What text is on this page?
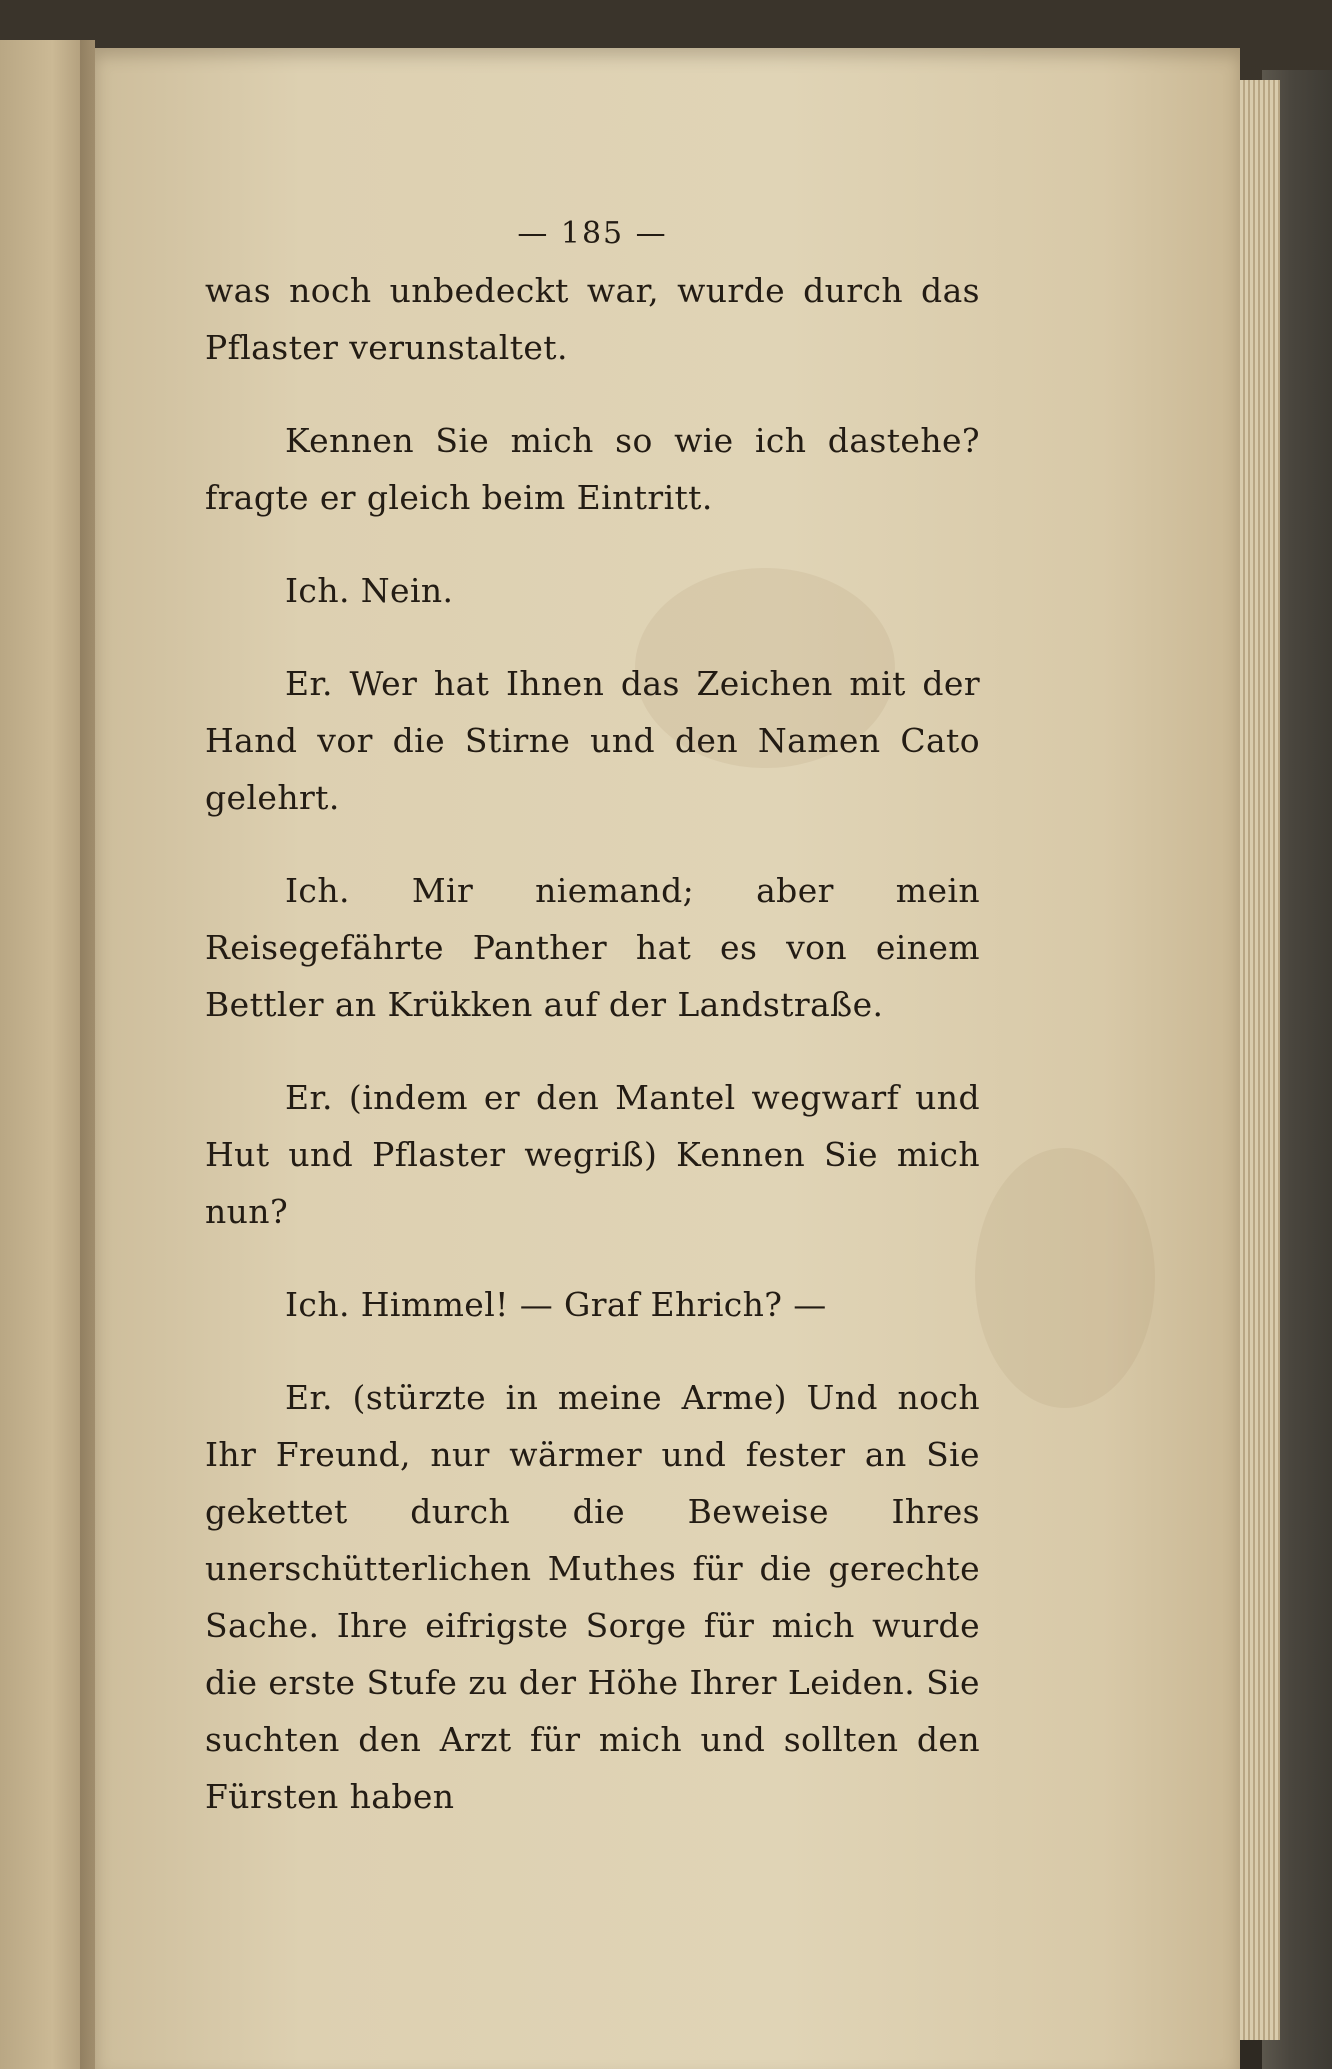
— 185 —

was noch unbedeckt war, wurde durch das Pflaster verunstaltet.

Kennen Sie mich so wie ich dastehe? fragte er gleich beim Eintritt.

Ich. Nein.

Er. Wer hat Ihnen das Zeichen mit der Hand vor die Stirne und den Namen Cato gelehrt.

Ich. Mir niemand; aber mein Reisegefährte Panther hat es von einem Bettler an Krükken auf der Landstraße.

Er. (indem er den Mantel wegwarf und Hut und Pflaster wegriß) Kennen Sie mich nun?

Ich. Himmel! — Graf Ehrich? —

Er. (stürzte in meine Arme) Und noch Ihr Freund, nur wärmer und fester an Sie gekettet durch die Beweise Ihres unerschütterlichen Muthes für die gerechte Sache. Ihre eifrigste Sorge für mich wurde die erste Stufe zu der Höhe Ihrer Leiden. Sie suchten den Arzt für mich und sollten den Fürsten haben
